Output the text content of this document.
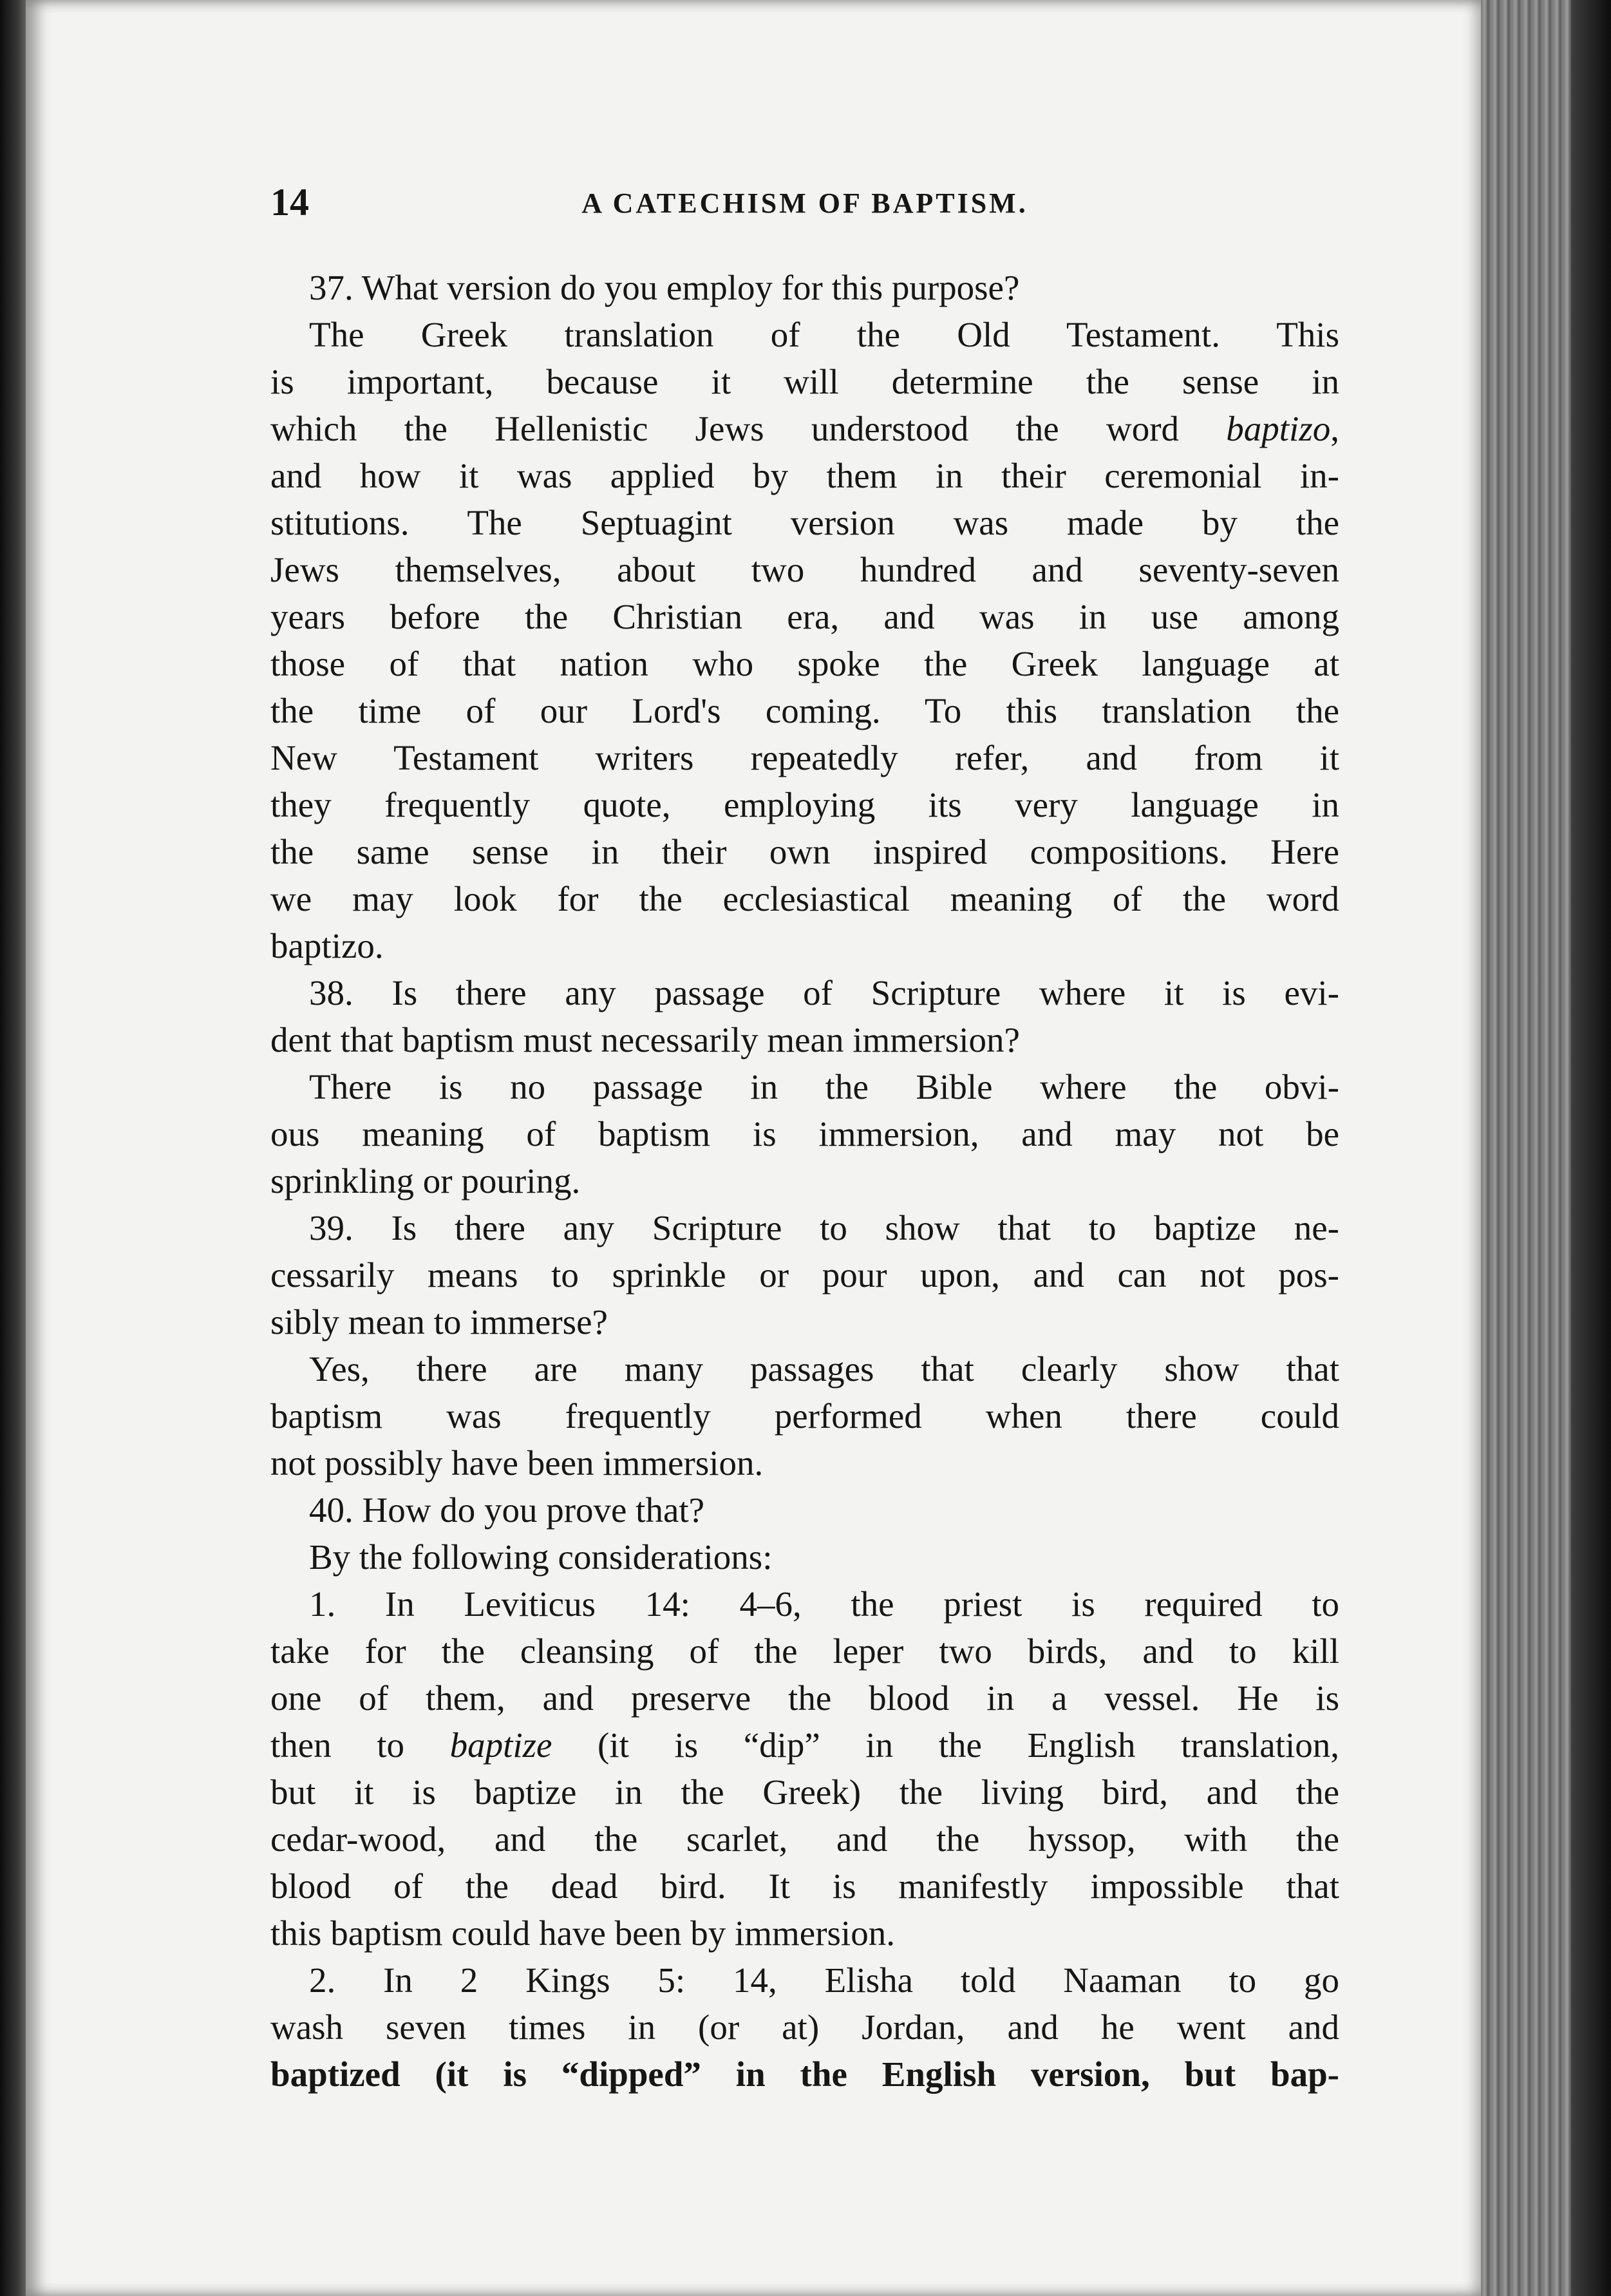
14	A CATECHISM OF BAPTISM.
37. What version do you employ for this purpose?
The Greek translation of the Old Testament. This
is important, because it will determine the sense in
which the Hellenistic Jews understood the word baptizo,
and how it was applied by them in their ceremonial in-
stitutions. The Septuagint version was made by the
Jews themselves, about two hundred and seventy-seven
years before the Christian era, and was in use among
those of that nation who spoke the Greek language at
the time of our Lord's coming. To this translation the
New Testament writers repeatedly refer, and from it
they frequently quote, employing its very language in
the same sense in their own inspired compositions. Here
we may look for the ecclesiastical meaning of the word
baptizo.
38. Is there any passage of Scripture where it is evi-
dent that baptism must necessarily mean immersion?
There is no passage in the Bible where the obvi-
ous meaning of baptism is immersion, and may not be
sprinkling or pouring.
39. Is there any Scripture to show that to baptize ne-
cessarily means to sprinkle or pour upon, and can not pos-
sibly mean to immerse?
Yes, there are many passages that clearly show that
baptism was frequently performed when there could
not possibly have been immersion.
40. How do you prove that?
By the following considerations:
1. In Leviticus 14: 4–6, the priest is required to
take for the cleansing of the leper two birds, and to kill
one of them, and preserve the blood in a vessel. He is
then to baptize (it is “dip” in the English translation,
but it is baptize in the Greek) the living bird, and the
cedar-wood, and the scarlet, and the hyssop, with the
blood of the dead bird. It is manifestly impossible that
this baptism could have been by immersion.
2. In 2 Kings 5: 14, Elisha told Naaman to go
wash seven times in (or at) Jordan, and he went and
baptized (it is “dipped” in the English version, but bap-
